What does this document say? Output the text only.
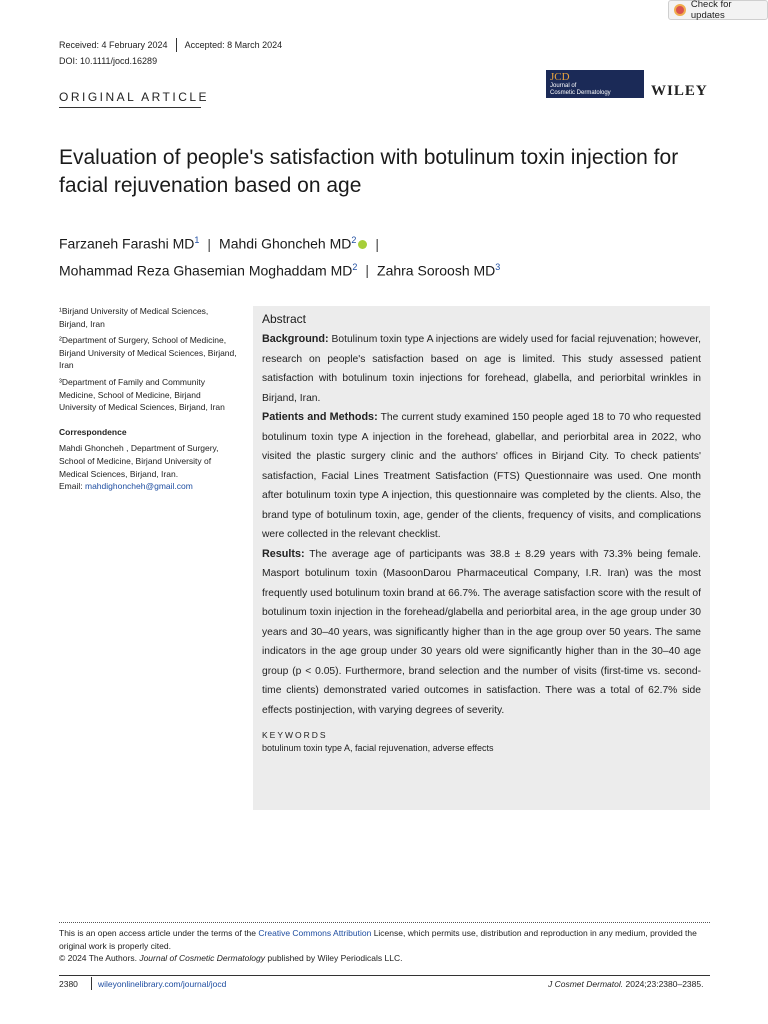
Check for updates
Received: 4 February 2024 Accepted: 8 March 2024
DOI: 10.1111/jocd.16289
ORIGINAL ARTICLE
JCD
Journal of
Cosmetic Dermatology	WILEY
Evaluation of people's satisfaction with botulinum toxin injection for facial rejuvenation based on age
Farzaneh Farashi $MD^1$ | Mahdi Ghoncheh $MD^2$ |
Mohammad Reza Ghasemian Moghaddam $MD^2$ | Zahra Soroosh $MD^3$

¹Birjand University of Medical Sciences, Birjand, Iran

²Department of Surgery, School of Medicine, Birjand University of Medical Sciences, Birjand, Iran

³Department of Family and Community Medicine, School of Medicine, Birjand University of Medical Sciences, Birjand, Iran

Correspondence

Mahdi Ghoncheh , Department of Surgery, School of Medicine, Birjand University of Medical Sciences, Birjand, Iran.
Email: mahdighoncheh@gmail.com

Abstract

Background: Botulinum toxin type A injections are widely used for facial rejuvenation; however, research on people's satisfaction based on age is limited. This study assessed patient satisfaction with botulinum toxin injections for forehead, glabella, and periorbital wrinkles in Birjand, Iran.

Patients and Methods: The current study examined 150 people aged 18 to 70 who requested botulinum toxin type A injection in the forehead, glabellar, and periorbital area in 2022, who visited the plastic surgery clinic and the authors' offices in Birjand City. To check patients' satisfaction, Facial Lines Treatment Satisfaction (FTS) Questionnaire was used. One month after botulinum toxin type A injection, this questionnaire was completed by the clients. Also, the brand type of botulinum toxin, age, gender of the clients, frequency of visits, and complications were collected in the relevant checklist.

Results: The average age of participants was 38.8 ± 8.29 years with 73.3% being female. Masport botulinum toxin (MasoonDarou Pharmaceutical Company, I.R. Iran) was the most frequently used botulinum toxin brand at 66.7%. The average satisfaction score with the result of botulinum toxin injection in the forehead/glabella and periorbital area, in the age group under 30 years and 30–40 years, was significantly higher than in the age group over 50 years. The same indicators in the age group under 30 years old were significantly higher than in the 30–40 age group (p < 0.05). Furthermore, brand selection and the number of visits (first-time vs. second-time clients) demonstrated varied outcomes in satisfaction. There was a total of 62.7% side effects postinjection, with varying degrees of severity.

KEYWORDS
botulinum toxin type A, facial rejuvenation, adverse effects
This is an open access article under the terms of the Creative Commons Attribution License, which permits use, distribution and reproduction in any medium, provided the original work is properly cited.
© 2024 The Authors. Journal of Cosmetic Dermatology published by Wiley Periodicals LLC.
2380 wileyonlinelibrary.com/journal/jocd	J Cosmet Dermatol. 2024;23:2380–2385.
